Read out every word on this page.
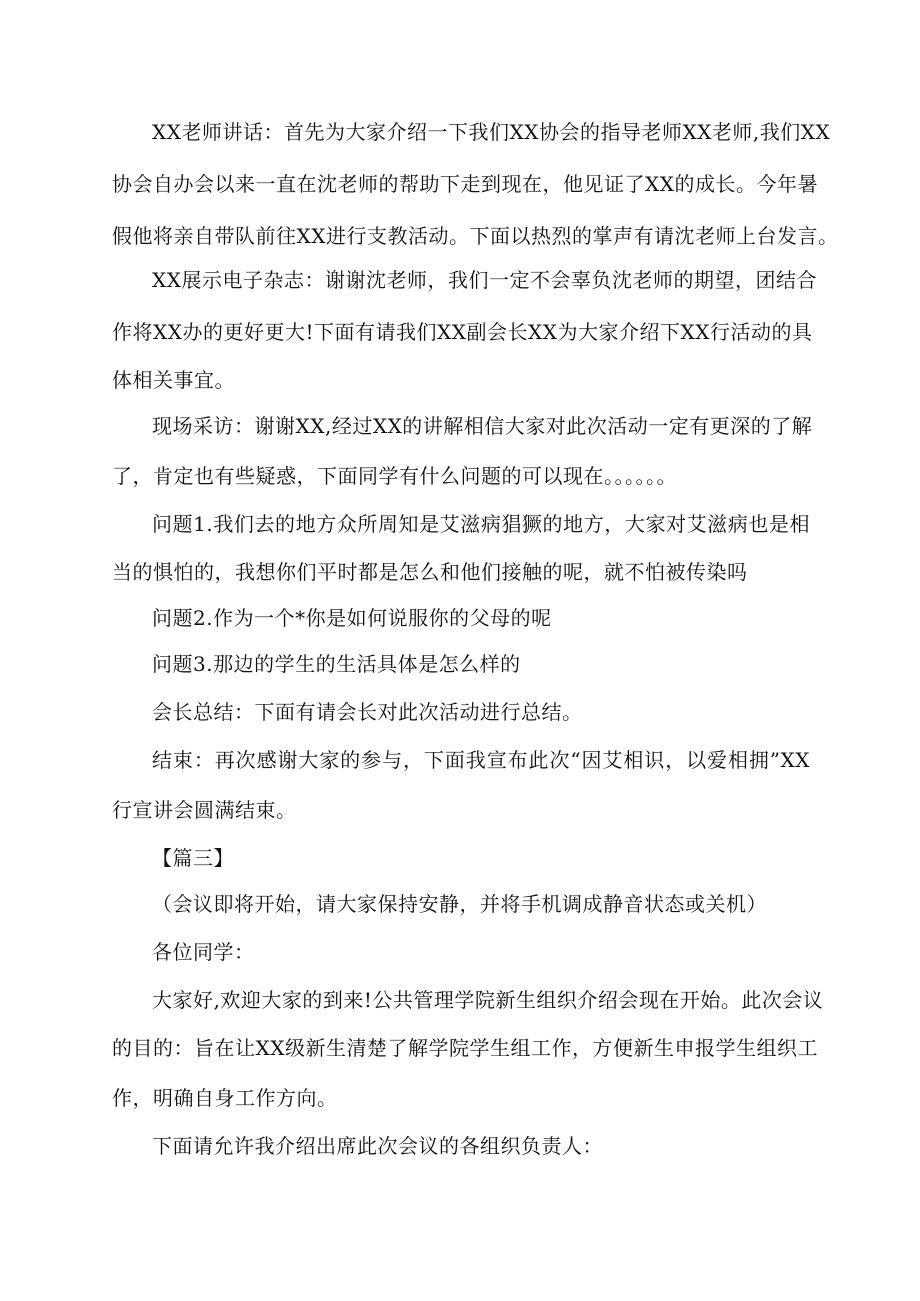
XX老师讲话：首先为大家介绍一下我们XX协会的指导老师XX老师,我们XX
协会自办会以来一直在沈老师的帮助下走到现在，他见证了XX的成长。今年暑
假他将亲自带队前往XX进行支教活动。下面以热烈的掌声有请沈老师上台发言。
XX展示电子杂志：谢谢沈老师，我们一定不会辜负沈老师的期望，团结合
作将XX办的更好更大!下面有请我们XX副会长XX为大家介绍下XX行活动的具
体相关事宜。
现场采访：谢谢XX,经过XX的讲解相信大家对此次活动一定有更深的了解
了，肯定也有些疑惑，下面同学有什么问题的可以现在。。。。。。
问题1.我们去的地方众所周知是艾滋病猖獗的地方，大家对艾滋病也是相
当的惧怕的，我想你们平时都是怎么和他们接触的呢，就不怕被传染吗
问题2.作为一个*你是如何说服你的父母的呢
问题3.那边的学生的生活具体是怎么样的
会长总结：下面有请会长对此次活动进行总结。
结束：再次感谢大家的参与，下面我宣布此次“因艾相识，以爱相拥”XX
行宣讲会圆满结束。
【篇三】
（会议即将开始，请大家保持安静，并将手机调成静音状态或关机）
各位同学：
大家好,欢迎大家的到来!公共管理学院新生组织介绍会现在开始。此次会议
的目的：旨在让XX级新生清楚了解学院学生组工作，方便新生申报学生组织工
作，明确自身工作方向。
下面请允许我介绍出席此次会议的各组织负责人：
